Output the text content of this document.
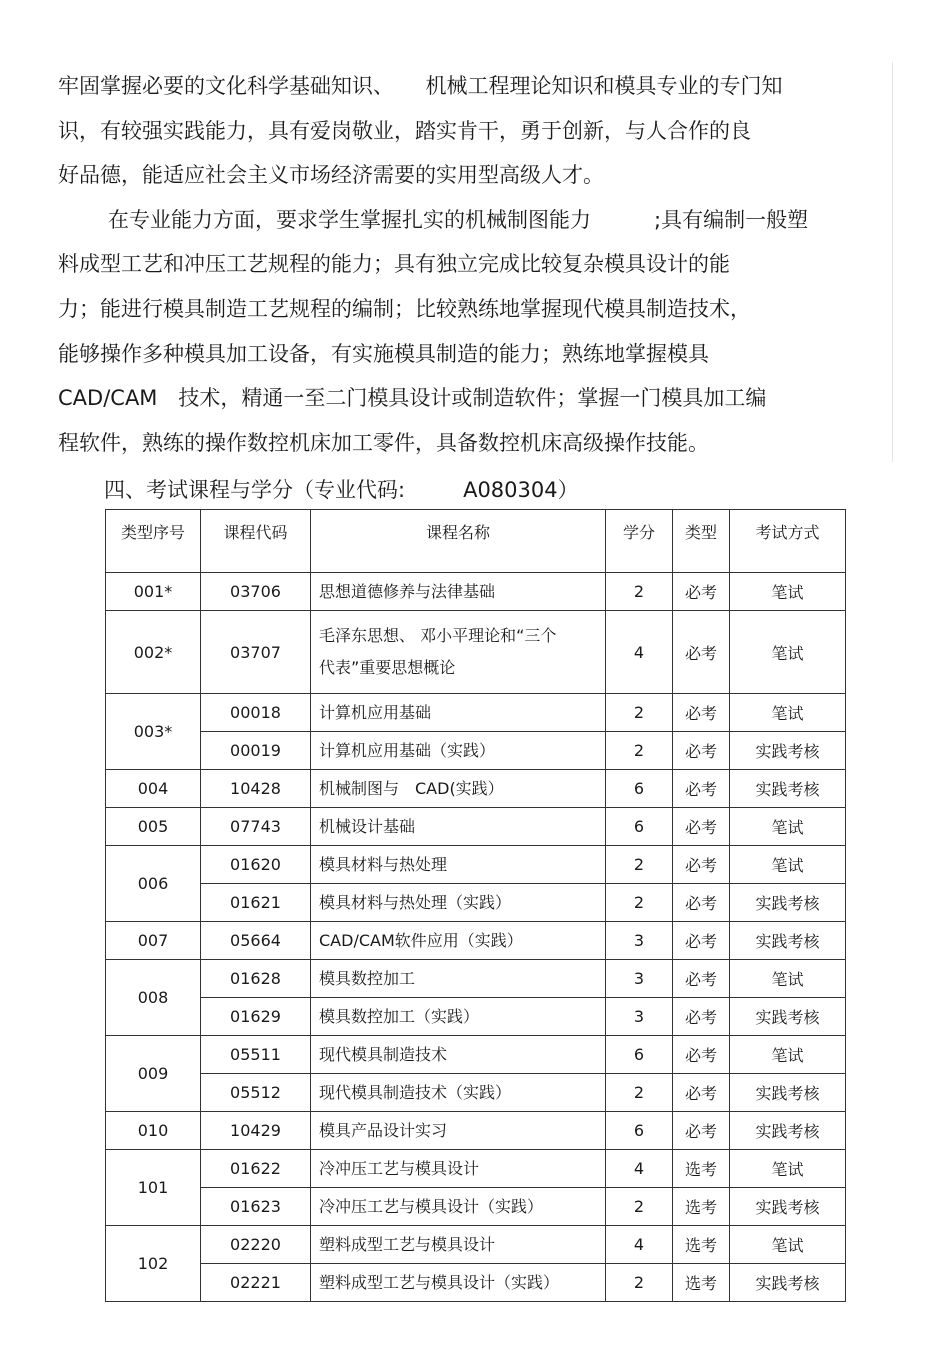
牢固掌握必要的文化科学基础知识、　　机械工程理论知识和模具专业的专门知
识，有较强实践能力，具有爱岗敬业，踏实肯干，勇于创新，与人合作的良
好品德，能适应社会主义市场经济需要的实用型高级人才。
在专业能力方面，要求学生掌握扎实的机械制图能力　　　;具有编制一般塑
料成型工艺和冲压工艺规程的能力；具有独立完成比较复杂模具设计的能
力；能进行模具制造工艺规程的编制；比较熟练地掌握现代模具制造技术，
能够操作多种模具加工设备，有实施模具制造的能力；熟练地掌握模具
CAD/CAM　技术，精通一至二门模具设计或制造软件；掌握一门模具加工编
程软件，熟练的操作数控机床加工零件，具备数控机床高级操作技能。
四、考试课程与学分（专业代码:	A080304）
类型序号	课程代码	课程名称	学分	类型	考试方式
001*	03706	思想道德修养与法律基础	2	必考	笔试
002*	03707	毛泽东思想、 邓小平理论和“三个
代表”重要思想概论	4	必考	笔试
003*	00018	计算机应用基础	2	必考	笔试
	00019	计算机应用基础（实践）	2	必考	实践考核
004	10428	机械制图与　CAD(实践）	6	必考	实践考核
005	07743	机械设计基础	6	必考	笔试
006	01620	模具材料与热处理	2	必考	笔试
	01621	模具材料与热处理（实践）	2	必考	实践考核
007	05664	CAD/CAM软件应用（实践）	3	必考	实践考核
008	01628	模具数控加工	3	必考	笔试
	01629	模具数控加工（实践）	3	必考	实践考核
009	05511	现代模具制造技术	6	必考	笔试
	05512	现代模具制造技术（实践）	2	必考	实践考核
010	10429	模具产品设计实习	6	必考	实践考核
101	01622	冷冲压工艺与模具设计	4	选考	笔试
	01623	冷冲压工艺与模具设计（实践）	2	选考	实践考核
102	02220	塑料成型工艺与模具设计	4	选考	笔试
	02221	塑料成型工艺与模具设计（实践）	2	选考	实践考核
